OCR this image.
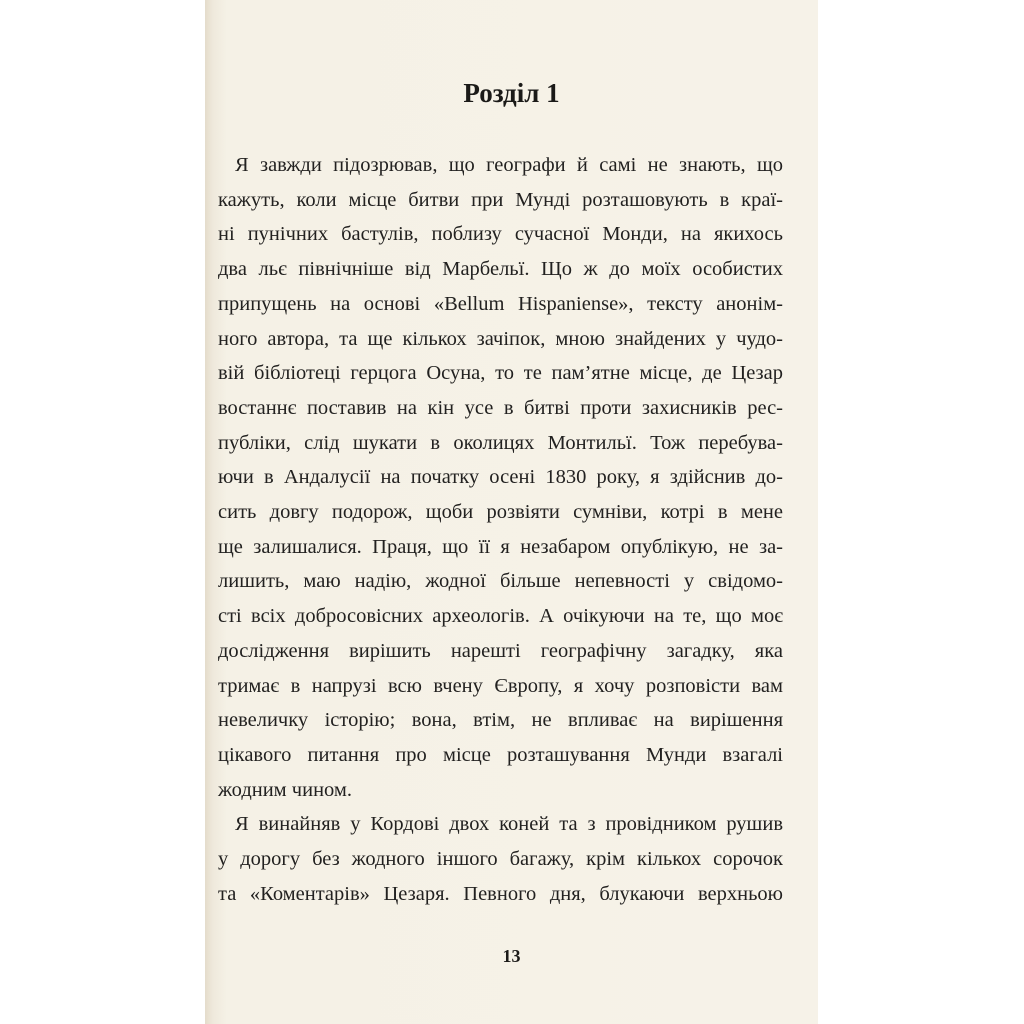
Розділ 1
Я завжди підозрював, що географи й самі не знають, що
кажуть, коли місце битви при Мунді розташовують в краї-
ні пунічних бастулів, поблизу сучасної Монди, на якихось
два льє північніше від Марбельї. Що ж до моїх особистих
припущень на основі «Bellum Hispaniense», тексту анонім-
ного автора, та ще кількох зачіпок, мною знайдених у чудо-
вій бібліотеці герцога Осуна, то те пам’ятне місце, де Цезар
востаннє поставив на кін усе в битві проти захисників рес-
публіки, слід шукати в околицях Монтильї. Тож перебува-
ючи в Андалусії на початку осені 1830 року, я здійснив до-
сить довгу подорож, щоби розвіяти сумніви, котрі в мене
ще залишалися. Праця, що її я незабаром опублікую, не за-
лишить, маю надію, жодної більше непевності у свідомо-
сті всіх добросовісних археологів. А очікуючи на те, що моє
дослідження вирішить нарешті географічну загадку, яка
тримає в напрузі всю вчену Європу, я хочу розповісти вам
невеличку історію; вона, втім, не впливає на вирішення
цікавого питання про місце розташування Мунди взагалі
жодним чином.
Я винайняв у Кордові двох коней та з провідником рушив
у дорогу без жодного іншого багажу, крім кількох сорочок
та «Коментарів» Цезаря. Певного дня, блукаючи верхньою
13
